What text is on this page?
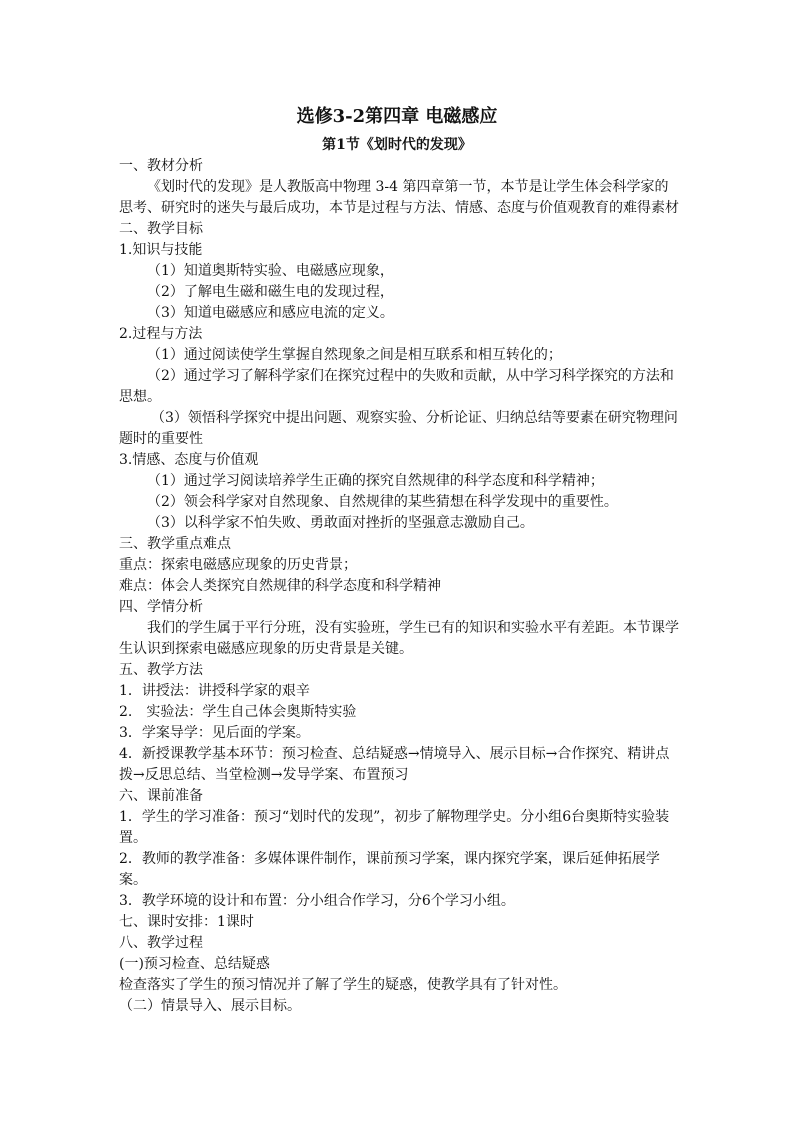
选修3-2第四章 电磁感应
第1节《划时代的发现》

一、教材分析

《划时代的发现》是人教版高中物理 3-4 第四章第一节，本节是让学生体会科学家的思考、研究时的迷失与最后成功，本节是过程与方法、情感、态度与价值观教育的难得素材

二、教学目标

1.知识与技能

（1）知道奥斯特实验、电磁感应现象，

（2）了解电生磁和磁生电的发现过程，

（3）知道电磁感应和感应电流的定义。

2.过程与方法

（1）通过阅读使学生掌握自然现象之间是相互联系和相互转化的；

（2）通过学习了解科学家们在探究过程中的失败和贡献，从中学习科学探究的方法和思想。

（3）领悟科学探究中提出问题、观察实验、分析论证、归纳总结等要素在研究物理问题时的重要性

3.情感、态度与价值观

（1）通过学习阅读培养学生正确的探究自然规律的科学态度和科学精神；

（2）领会科学家对自然现象、自然规律的某些猜想在科学发现中的重要性。

（3）以科学家不怕失败、勇敢面对挫折的坚强意志激励自己。

三、教学重点难点

重点：探索电磁感应现象的历史背景；

难点：体会人类探究自然规律的科学态度和科学精神

四、学情分析

我们的学生属于平行分班，没有实验班，学生已有的知识和实验水平有差距。本节课学生认识到探索电磁感应现象的历史背景是关键。

五、教学方法

1．讲授法：讲授科学家的艰辛

2.　实验法：学生自己体会奥斯特实验

3．学案导学：见后面的学案。

4．新授课教学基本环节：预习检查、总结疑惑→情境导入、展示目标→合作探究、精讲点拨→反思总结、当堂检测→发导学案、布置预习

六、课前准备

1．学生的学习准备：预习“划时代的发现”，初步了解物理学史。分小组6台奥斯特实验装置。

2．教师的教学准备：多媒体课件制作，课前预习学案，课内探究学案，课后延伸拓展学案。

3．教学环境的设计和布置：分小组合作学习，分6个学习小组。

七、课时安排：1课时

八、教学过程

(一)预习检查、总结疑惑

检查落实了学生的预习情况并了解了学生的疑惑，使教学具有了针对性。

（二）情景导入、展示目标。
